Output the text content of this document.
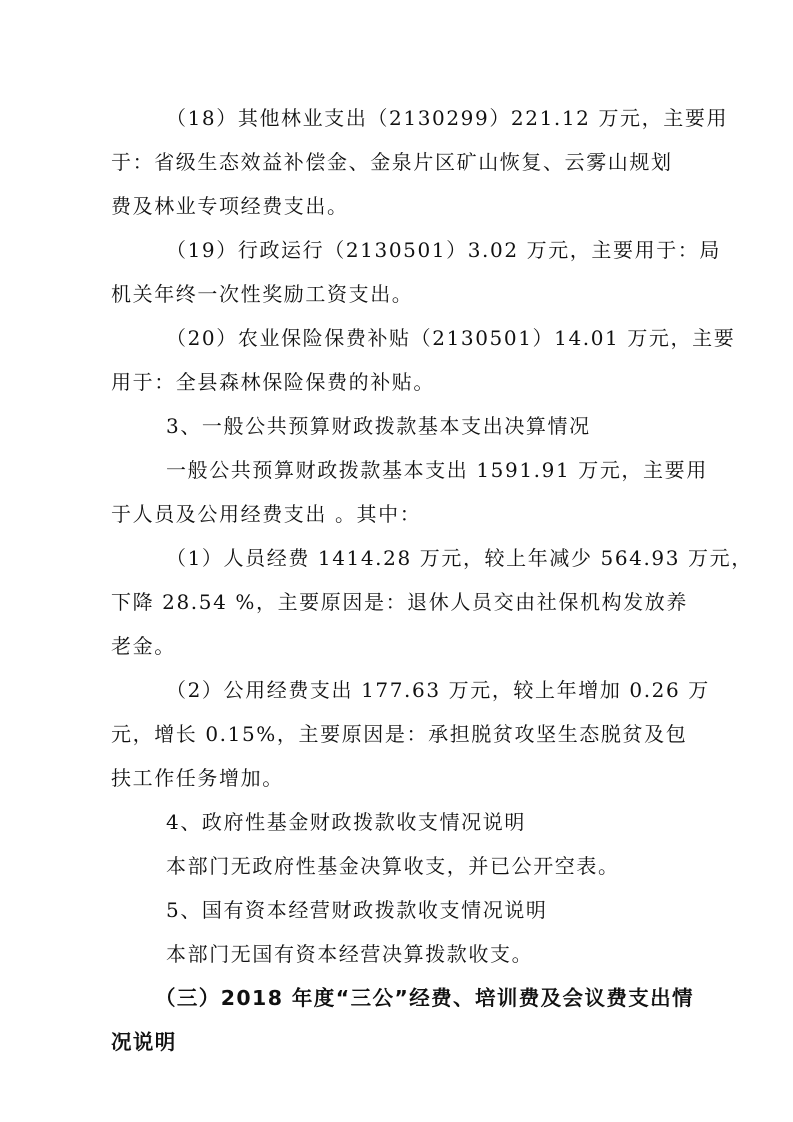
（18）其他林业支出（2130299）221.12 万元，主要用
于：省级生态效益补偿金、金泉片区矿山恢复、云雾山规划
费及林业专项经费支出。
（19）行政运行（2130501）3.02 万元，主要用于：局
机关年终一次性奖励工资支出。
（20）农业保险保费补贴（2130501）14.01 万元，主要
用于：全县森林保险保费的补贴。
3、一般公共预算财政拨款基本支出决算情况
一般公共预算财政拨款基本支出 1591.91 万元，主要用
于人员及公用经费支出 。其中：
（1）人员经费 1414.28 万元，较上年减少 564.93 万元，
下降 28.54 %，主要原因是：退休人员交由社保机构发放养
老金。
（2）公用经费支出 177.63 万元，较上年增加 0.26 万
元，增长 0.15%，主要原因是：承担脱贫攻坚生态脱贫及包
扶工作任务增加。
4、政府性基金财政拨款收支情况说明
本部门无政府性基金决算收支，并已公开空表。
5、国有资本经营财政拨款收支情况说明
本部门无国有资本经营决算拨款收支。
（三）2018 年度“三公”经费、培训费及会议费支出情
况说明
